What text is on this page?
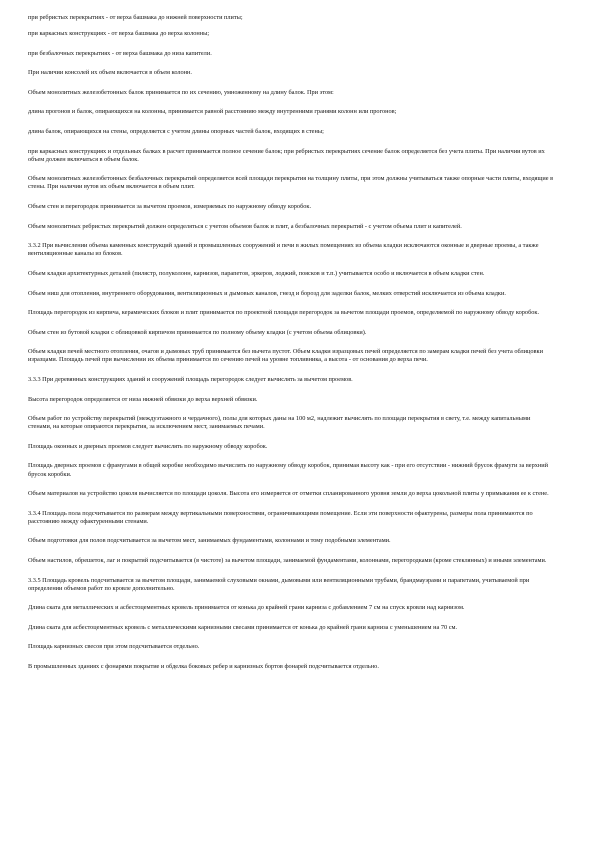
при ребристых перекрытиях - от верха башмака до нижней поверхности плиты;

при каркасных конструкциях - от верха башмака до верха колонны;

при безбалочных перекрытиях - от верха башмака до низа капители.

При наличии консолей их объем включается в объем колонн.

Объем монолитных железобетонных балок принимается по их сечению, умноженному на длину балок. При этом:

длина прогонов и балок, опирающихся на колонны, принимается равной расстоянию между внутренними гранями колонн или прогонов;

длина балок, опирающихся на стены, определяется с учетом длины опорных частей балок, входящих в стены;

при каркасных конструкциях и отдельных балках в расчет принимается полное сечение балок; при ребристых перекрытиях сечение балок определяется без учета плиты. При наличии вутов их объем должен включаться в объем балок.

Объем монолитных железобетонных безбалочных перекрытий определяется всей площади перекрытия на толщину плиты, при этом должны учитываться также опорные части плиты, входящие в стены. При наличии вутов их объем включается в объем плит.

Объем стен и перегородок принимается за вычетом проемов, измеряемых по наружному обводу коробок.

Объем монолитных ребристых перекрытий должен определяться с учетом объемов балок и плит, а безбалочных перекрытий - с учетом объема плит и капителей.

3.3.2 При вычислении объема каменных конструкций зданий и промышленных сооружений и печи в жилых помещениях из объема кладки исключаются оконные и дверные проемы, а также вентиляционные каналы из блоков.

Объем кладки архитектурных деталей (пилястр, полуколонн, карнизов, парапетов, эркеров, лоджий, поясков и т.п.) учитывается особо и включается в объем кладки стен.

Объем ниш для отопления, внутреннего оборудования, вентиляционных и дымовых каналов, гнезд и борозд для заделки балок, мелких отверстий исключается из объема кладки.

Площадь перегородок из кирпича, керамических блоков и плит принимается по проектной площади перегородок за вычетом площади проемов, определяемой по наружному обводу коробок.

Объем стен из бутовой кладки с облицовкой кирпичом принимается по полному объему кладки (с учетом объема облицовки).

Объем кладки печей местного отопления, очагов и дымовых труб принимается без вычета пустот. Объем кладки изразцовых печей определяется по замерам кладки печей без учета облицовки изразцами. Площадь печей при вычислении их объема принимается по сечению печей на уровне топливника, а высота - от основания до верха печи.

3.3.3 При деревянных конструкциях зданий и сооружений площадь перегородок следует вычислять за вычетом проемов.

Высота перегородок определяется от низа нижней обвязки до верха верхней обвязки.

Объем работ по устройству перекрытий (междуэтажного и чердачного), полы для которых даны на 100 м2, надлежит вычислять по площади перекрытия в свету, т.е. между капитальными стенами, на которые опираются перекрытия, за исключением мест, занимаемых печами.

Площадь оконных и дверных проемов следует вычислять по наружному обводу коробок.

Площадь дверных проемов с фрамугами в общей коробке необходимо вычислять по наружному обводу коробок, принимая высоту как - при его отсутствии - нижний брусок фрамуги за верхний брусок коробки.

Объем материалов на устройство цоколя вычисляется по площади цоколя. Высота его измеряется от отметки спланированного уровня земли до верха цокольной плиты у примыкания ее к стене.

3.3.4 Площадь пола подсчитывается по размерам между вертикальными поверхностями, ограничивающими помещение. Если эти поверхности офактурены, размеры пола принимаются по расстоянию между офактуренными стенами.

Объем подготовки для полов подсчитывается за вычетом мест, занимаемых фундаментами, колоннами и тому подобными элементами.

Объем настилов, обрешеток, лаг и покрытий подсчитывается (в чистоте) за вычетом площади, занимаемой фундаментами, колоннами, перегородками (кроме стеклянных) и иными элементами.

3.3.5 Площадь кровель подсчитывается за вычетом площади, занимаемой слуховыми окнами, дымовыми или вентиляционными трубами, брандмауэрами и парапетами, учитываемой при определении объемов работ по кровле дополнительно.

Длина ската для металлических и асбестоцементных кровель принимается от конька до крайней грани карниза с добавлением 7 см на спуск кровли над карнизом.

Длина ската для асбестоцементных кровель с металлическими карнизными свесами принимается от конька до крайней грани карниза с уменьшением на 70 см.

Площадь карнизных свесов при этом подсчитывается отдельно.

В промышленных зданиях с фонарями покрытие и обделка боковых ребер и карнизных бортов фонарей подсчитывается отдельно.
